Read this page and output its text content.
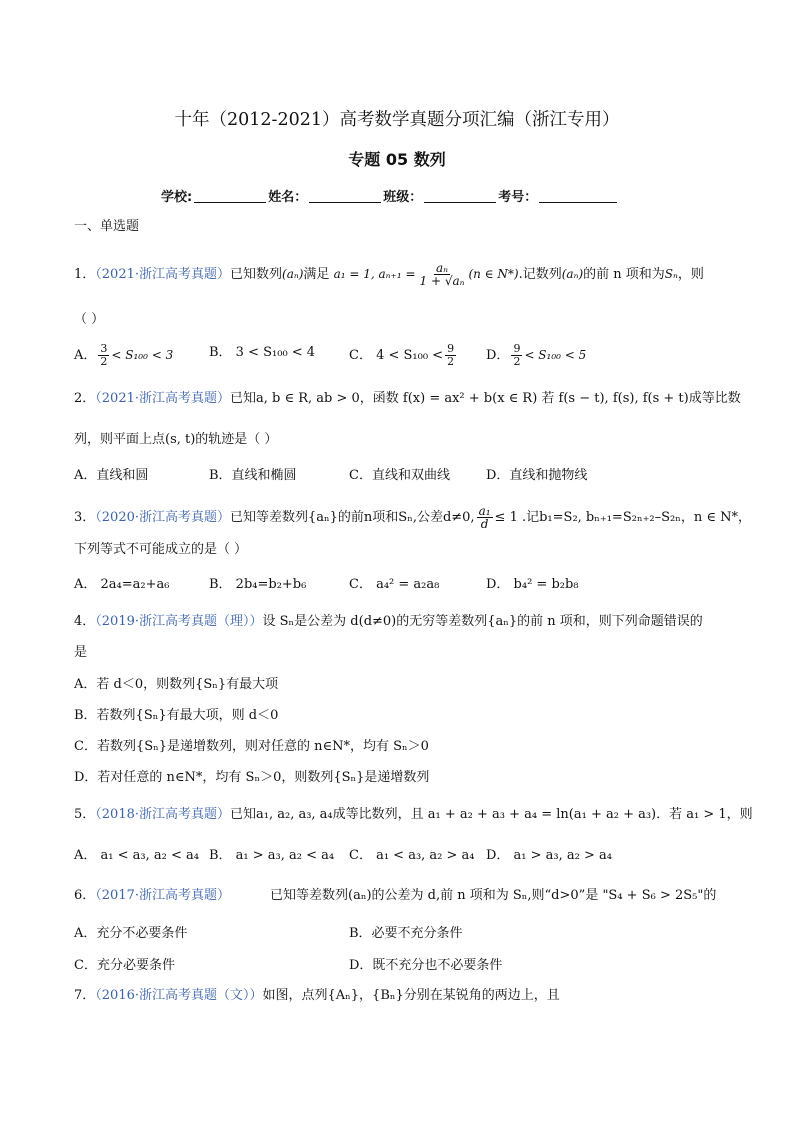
十年（2012-2021）高考数学真题分项汇编（浙江专用）
专题 05 数列
学校:	姓名：	班级：	考号：
一、单选题
1．（2021·浙江高考真题）已知数列(aₙ)满足 a₁ = 1, $a_{n+1} = \frac{\text{aₙ}}{\text{1 + √aₙ}} (n$ ∈ N*).记数列(aₙ)的前 n 项和为Sₙ，则
（ ）
A． $\frac{3}{2} < S_{100} < 3$	B． 3 < S₁₀₀ < 4	C． $4 < S_{100} < \frac{9}{2}$ D． $\frac{9}{2} < S_{100} < 5$
2．（2021·浙江高考真题）已知a, b ∈ R, ab > 0，函数 f(x) = ax² + b(x ∈ R) 若 f(s − t), f(s), f(s + t)成等比数
列，则平面上点(s, t)的轨迹是（ ）
A．直线和圆	B．直线和椭圆	C．直线和双曲线	D．直线和抛物线
3．（2020·浙江高考真题）已知等差数列{aₙ}的前n项和Sₙ,公差d≠0, $\frac{\text{a₁}}{d} \le 1$ .记b₁=S₂, bₙ₊₁=S₂ₙ₊₂–S₂ₙ，n ∈ N*，
下列等式不可能成立的是（ ）
A． 2a₄=a₂+a₆	B． 2b₄=b₂+b₆	C． a₄² = a₂a₈	D． b₄² = b₂b₈
4．（2019·浙江高考真题（理））设 Sₙ是公差为 d(d≠0)的无穷等差数列{aₙ}的前 n 项和，则下列命题错误的
是
A．若 d＜0，则数列{Sₙ}有最大项
B．若数列{Sₙ}有最大项，则 d＜0
C．若数列{Sₙ}是递增数列，则对任意的 n∈N*，均有 Sₙ＞0
D．若对任意的 n∈N*，均有 Sₙ＞0，则数列{Sₙ}是递增数列
5．（2018·浙江高考真题）已知a₁, a₂, a₃, a₄成等比数列，且 a₁ + a₂ + a₃ + a₄ = ln(a₁ + a₂ + a₃)．若 a₁ > 1，则
A． a₁ < a₃, a₂ < a₄ B． a₁ > a₃, a₂ < a₄ C． a₁ < a₃, a₂ > a₄ D． a₁ > a₃, a₂ > a₄
6．（2017·浙江高考真题）	已知等差数列(aₙ)的公差为 d,前 n 项和为 Sₙ,则“d>0”是 "S₄ + S₆ > 2S₅"的
A．充分不必要条件	B．必要不充分条件
C．充分必要条件	D．既不充分也不必要条件
7．（2016·浙江高考真题（文））如图，点列{Aₙ}，{Bₙ}分别在某锐角的两边上，且
